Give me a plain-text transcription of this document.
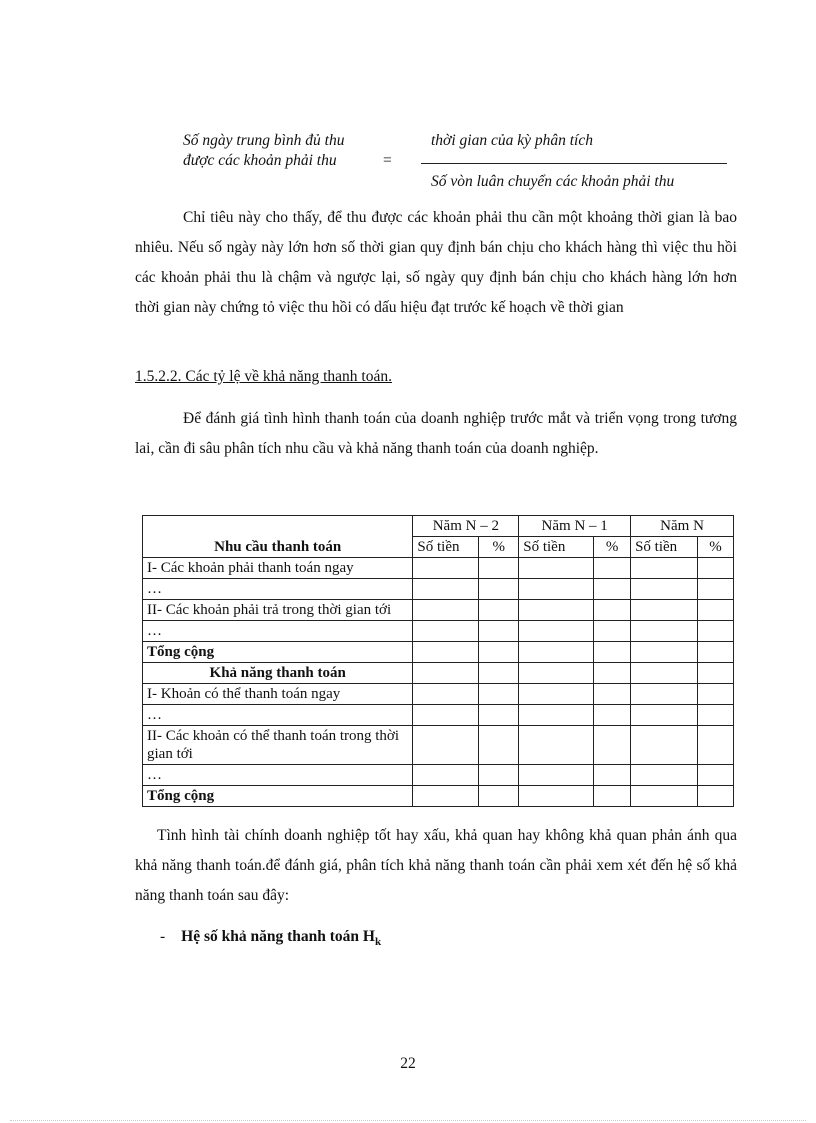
Số ngày trung bình đủ thu
được các khoản phải thu	=
thời gian của kỳ phân tích
Số vòn luân chuyển các khoản phải thu

Chỉ tiêu này cho thấy, để thu được các khoản phải thu cần một khoảng thời gian là bao nhiêu. Nếu số ngày này lớn hơn số thời gian quy định bán chịu cho khách hàng thì việc thu hồi các khoản phải thu là chậm và ngược lại, số ngày quy định bán chịu cho khách hàng lớn hơn thời gian này chứng tỏ việc thu hồi có dấu hiệu đạt trước kế hoạch về thời gian

1.5.2.2. Các tỷ lệ về khả năng thanh toán.

Để đánh giá tình hình thanh toán của doanh nghiệp trước mắt và triển vọng trong tương lai, cần đi sâu phân tích nhu cầu và khả năng thanh toán của doanh nghiệp.

Nhu cầu thanh toán	Năm N – 2		Năm N – 1		Năm N	
	Số tiền	%	Số tiền	%	Số tiền	%
I- Các khoản phải thanh toán ngay						
…						
II- Các khoản phải trả trong thời gian tới						
…						
Tổng cộng						
Khả năng thanh toán						
I- Khoản có thể thanh toán ngay						
…						
II- Các khoản có thể thanh toán trong thời gian tới						
…						
Tổng cộng						

Tình hình tài chính doanh nghiệp tốt hay xấu, khả quan hay không khả quan phản ánh qua khả năng thanh toán.để đánh giá, phân tích khả năng thanh toán cần phải xem xét đến hệ số khả năng thanh toán sau đây:

- Hệ số khả năng thanh toán $H_k$
22
